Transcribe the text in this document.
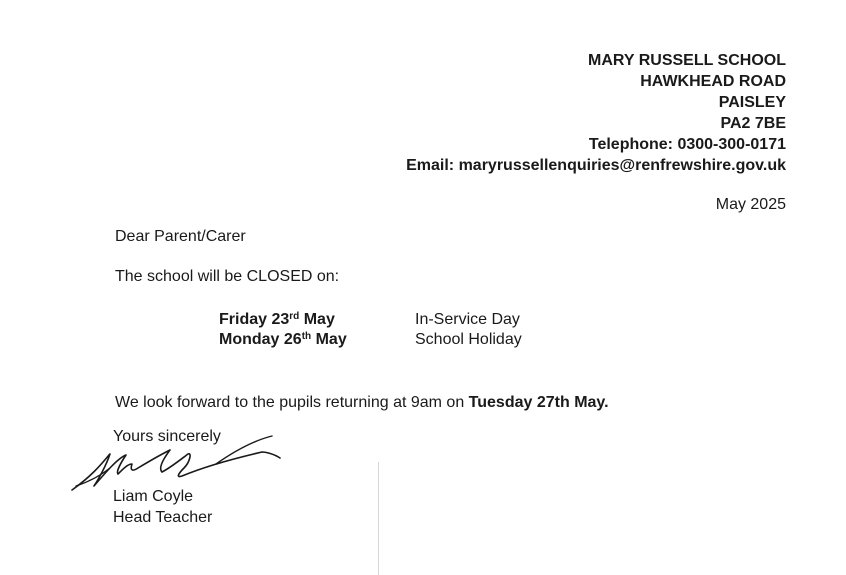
MARY RUSSELL SCHOOL
HAWKHEAD ROAD
PAISLEY
PA2 7BE
Telephone: 0300-300-0171
Email: maryrussellenquiries@renfrewshire.gov.uk
May 2025
Dear Parent/Carer
The school will be CLOSED on:
Friday 23rd May	In-Service Day
Monday 26th May	School Holiday
We look forward to the pupils returning at 9am on Tuesday 27th May.
Yours sincerely
Liam Coyle
Head Teacher
